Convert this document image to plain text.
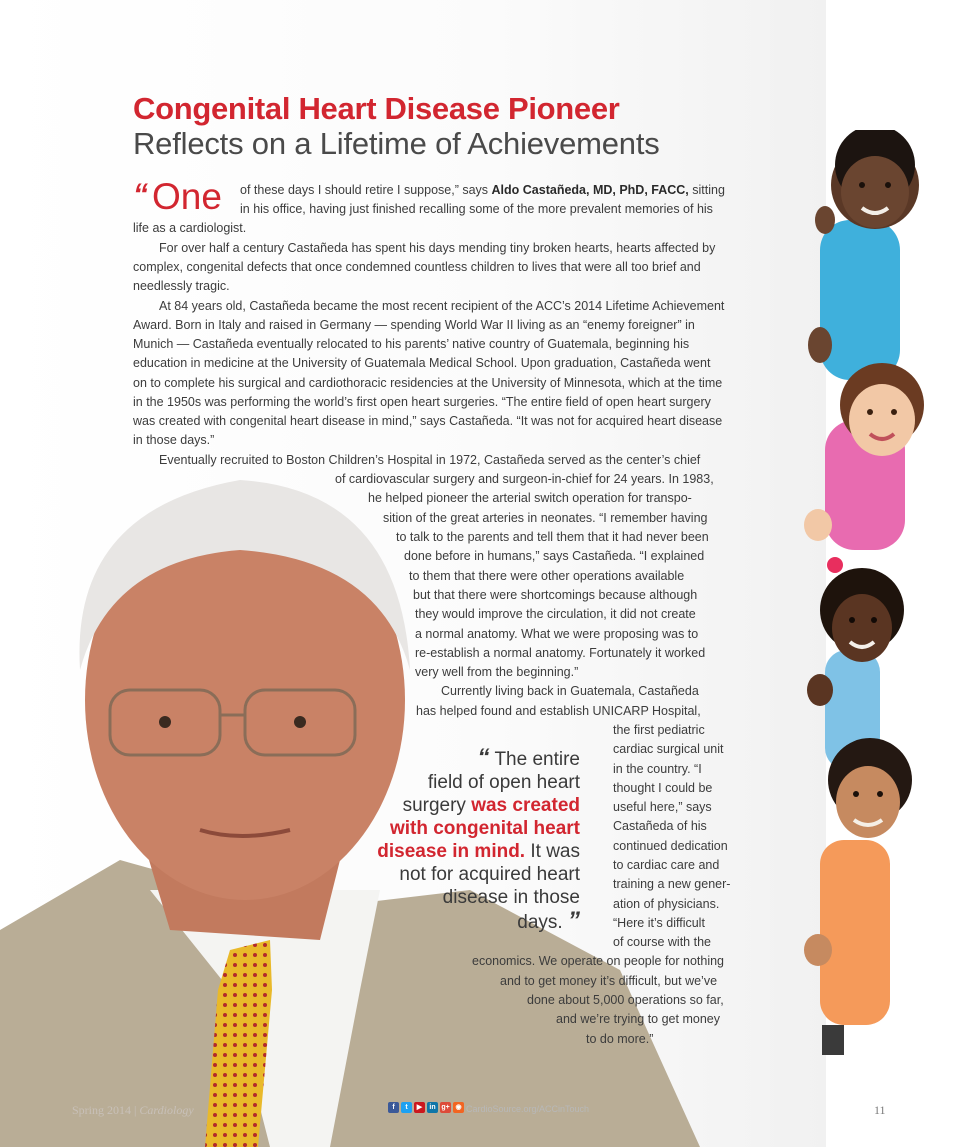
Congenital Heart Disease Pioneer
Reflects on a Lifetime of Achievements
“ One of these days I should retire I suppose,” says Aldo Castañeda, MD, PhD, FACC, sitting
in his office, having just finished recalling some of the more prevalent memories of his
life as a cardiologist.
For over half a century Castañeda has spent his days mending tiny broken hearts, hearts affected by
complex, congenital defects that once condemned countless children to lives that were all too brief and
needlessly tragic.
At 84 years old, Castañeda became the most recent recipient of the ACC’s 2014 Lifetime Achievement
Award. Born in Italy and raised in Germany — spending World War II living as an “enemy foreigner” in
Munich — Castañeda eventually relocated to his parents’ native country of Guatemala, beginning his
education in medicine at the University of Guatemala Medical School. Upon graduation, Castañeda went
on to complete his surgical and cardiothoracic residencies at the University of Minnesota, which at the time
in the 1950s was performing the world’s first open heart surgeries. “The entire field of open heart surgery
was created with congenital heart disease in mind,” says Castañeda. “It was not for acquired heart disease
in those days.”
Eventually recruited to Boston Children’s Hospital in 1972, Castañeda served as the center’s chief
of cardiovascular surgery and surgeon-in-chief for 24 years. In 1983,
he helped pioneer the arterial switch operation for transpo-
sition of the great arteries in neonates. “I remember having
to talk to the parents and tell them that it had never been
done before in humans,” says Castañeda. “I explained
to them that there were other operations available
but that there were shortcomings because although
they would improve the circulation, it did not create
a normal anatomy. What we were proposing was to
re-establish a normal anatomy. Fortunately it worked
very well from the beginning.”
Currently living back in Guatemala, Castañeda
has helped found and establish UNICARP Hospital,
the first pediatric
cardiac surgical unit
in the country. “I
thought I could be
useful here,” says
Castañeda of his
continued dedication
to cardiac care and
training a new gener-
ation of physicians.
“Here it’s difficult
of course with the
economics. We operate on people for nothing
and to get money it’s difficult, but we’ve
done about 5,000 operations so far,
and we’re trying to get money
to do more.”
“ The entire
field of open heart
surgery was created
with congenital heart
disease in mind. It was
not for acquired heart
disease in those
days. ”
Spring 2014 | Cardiology	f	t	▶	in g+ ◉ CardioSource.org/ACCinTouch	11
